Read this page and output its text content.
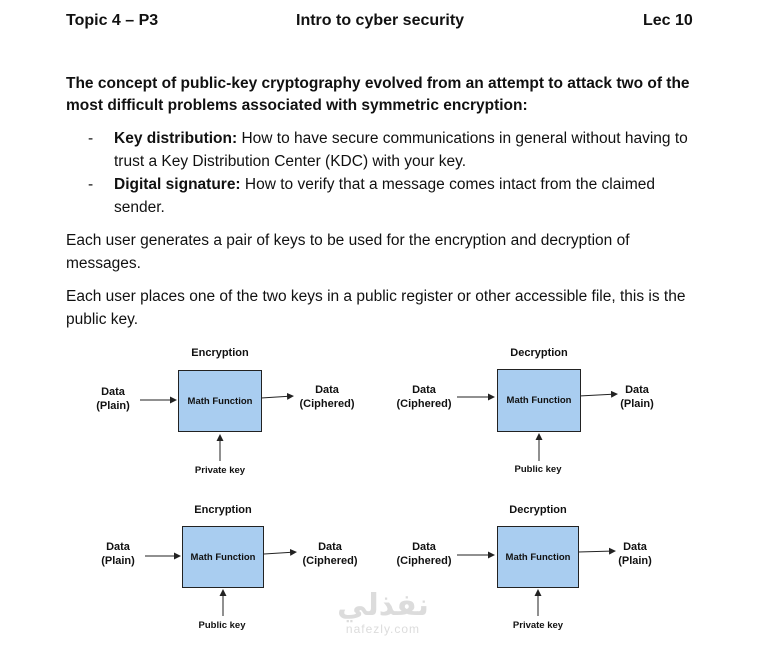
Topic 4 – P3	Intro to cyber security	Lec 10
The concept of public-key cryptography evolved from an attempt to attack two of the most difficult problems associated with symmetric encryption:
- Key distribution: How to have secure communications in general without having to trust a Key Distribution Center (KDC) with your key.
- Digital signature: How to verify that a message comes intact from the claimed sender.
Each user generates a pair of keys to be used for the encryption and decryption of messages.
Each user places one of the two keys in a public register or other accessible file, this is the public key.
Encryption
Data
(Plain)	Math Function
Data
(Ciphered)
Private key
Decryption
Data
(Ciphered)	Math Function
Data
(Plain)
Public key
Encryption
Data
(Plain)	Math Function
Data
(Ciphered)
Public key
Decryption
Data
(Ciphered)	Math Function
Data
(Plain)
Private key
نفذلي
nafezly.com
